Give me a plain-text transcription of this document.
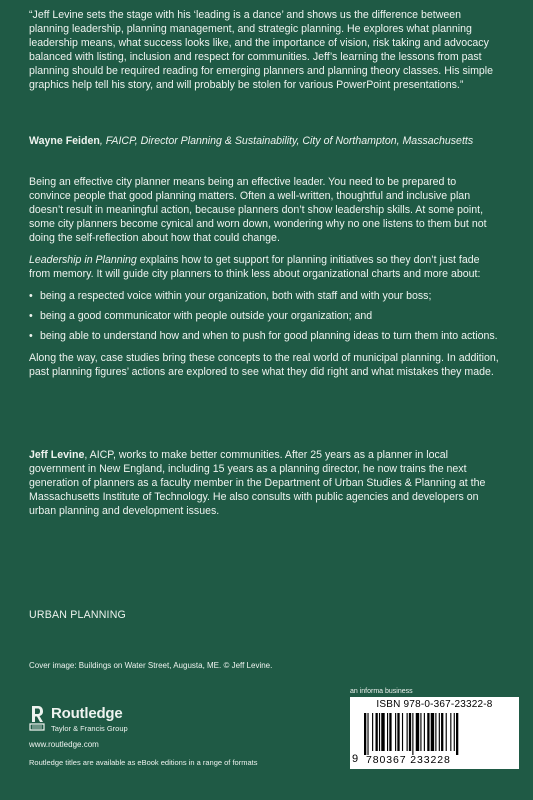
“Jeff Levine sets the stage with his ‘leading is a dance’ and shows us the difference between planning leadership, planning management, and strategic planning. He explores what planning leadership means, what success looks like, and the importance of vision, risk taking and advocacy balanced with listing, inclusion and respect for communities. Jeff’s learning the lessons from past planning should be required reading for emerging planners and planning theory classes. His simple graphics help tell his story, and will probably be stolen for various PowerPoint presentations.”

Wayne Feiden, FAICP, Director Planning & Sustainability, City of Northampton, Massachusetts

Being an effective city planner means being an effective leader. You need to be prepared to convince people that good planning matters. Often a well-written, thoughtful and inclusive plan doesn’t result in meaningful action, because planners don’t show leadership skills. At some point, some city planners become cynical and worn down, wondering why no one listens to them but not doing the self-reflection about how that could change.

Leadership in Planning explains how to get support for planning initiatives so they don’t just fade from memory. It will guide city planners to think less about organizational charts and more about:

• being a respected voice within your organization, both with staff and with your boss;
• being a good communicator with people outside your organization; and
• being able to understand how and when to push for good planning ideas to turn them into actions.

Along the way, case studies bring these concepts to the real world of municipal planning. In addition, past planning figures’ actions are explored to see what they did right and what mistakes they made.

Jeff Levine, AICP, works to make better communities. After 25 years as a planner in local government in New England, including 15 years as a planning director, he now trains the next generation of planners as a faculty member in the Department of Urban Studies & Planning at the Massachusetts Institute of Technology. He also consults with public agencies and developers on urban planning and development issues.

URBAN PLANNING
Cover image: Buildings on Water Street, Augusta, ME. © Jeff Levine.
Routledge
Taylor & Francis Group
www.routledge.com
Routledge titles are available as eBook editions in a range of formats
an informa business
ISBN 978-0-367-23322-8
9 780367 233228
